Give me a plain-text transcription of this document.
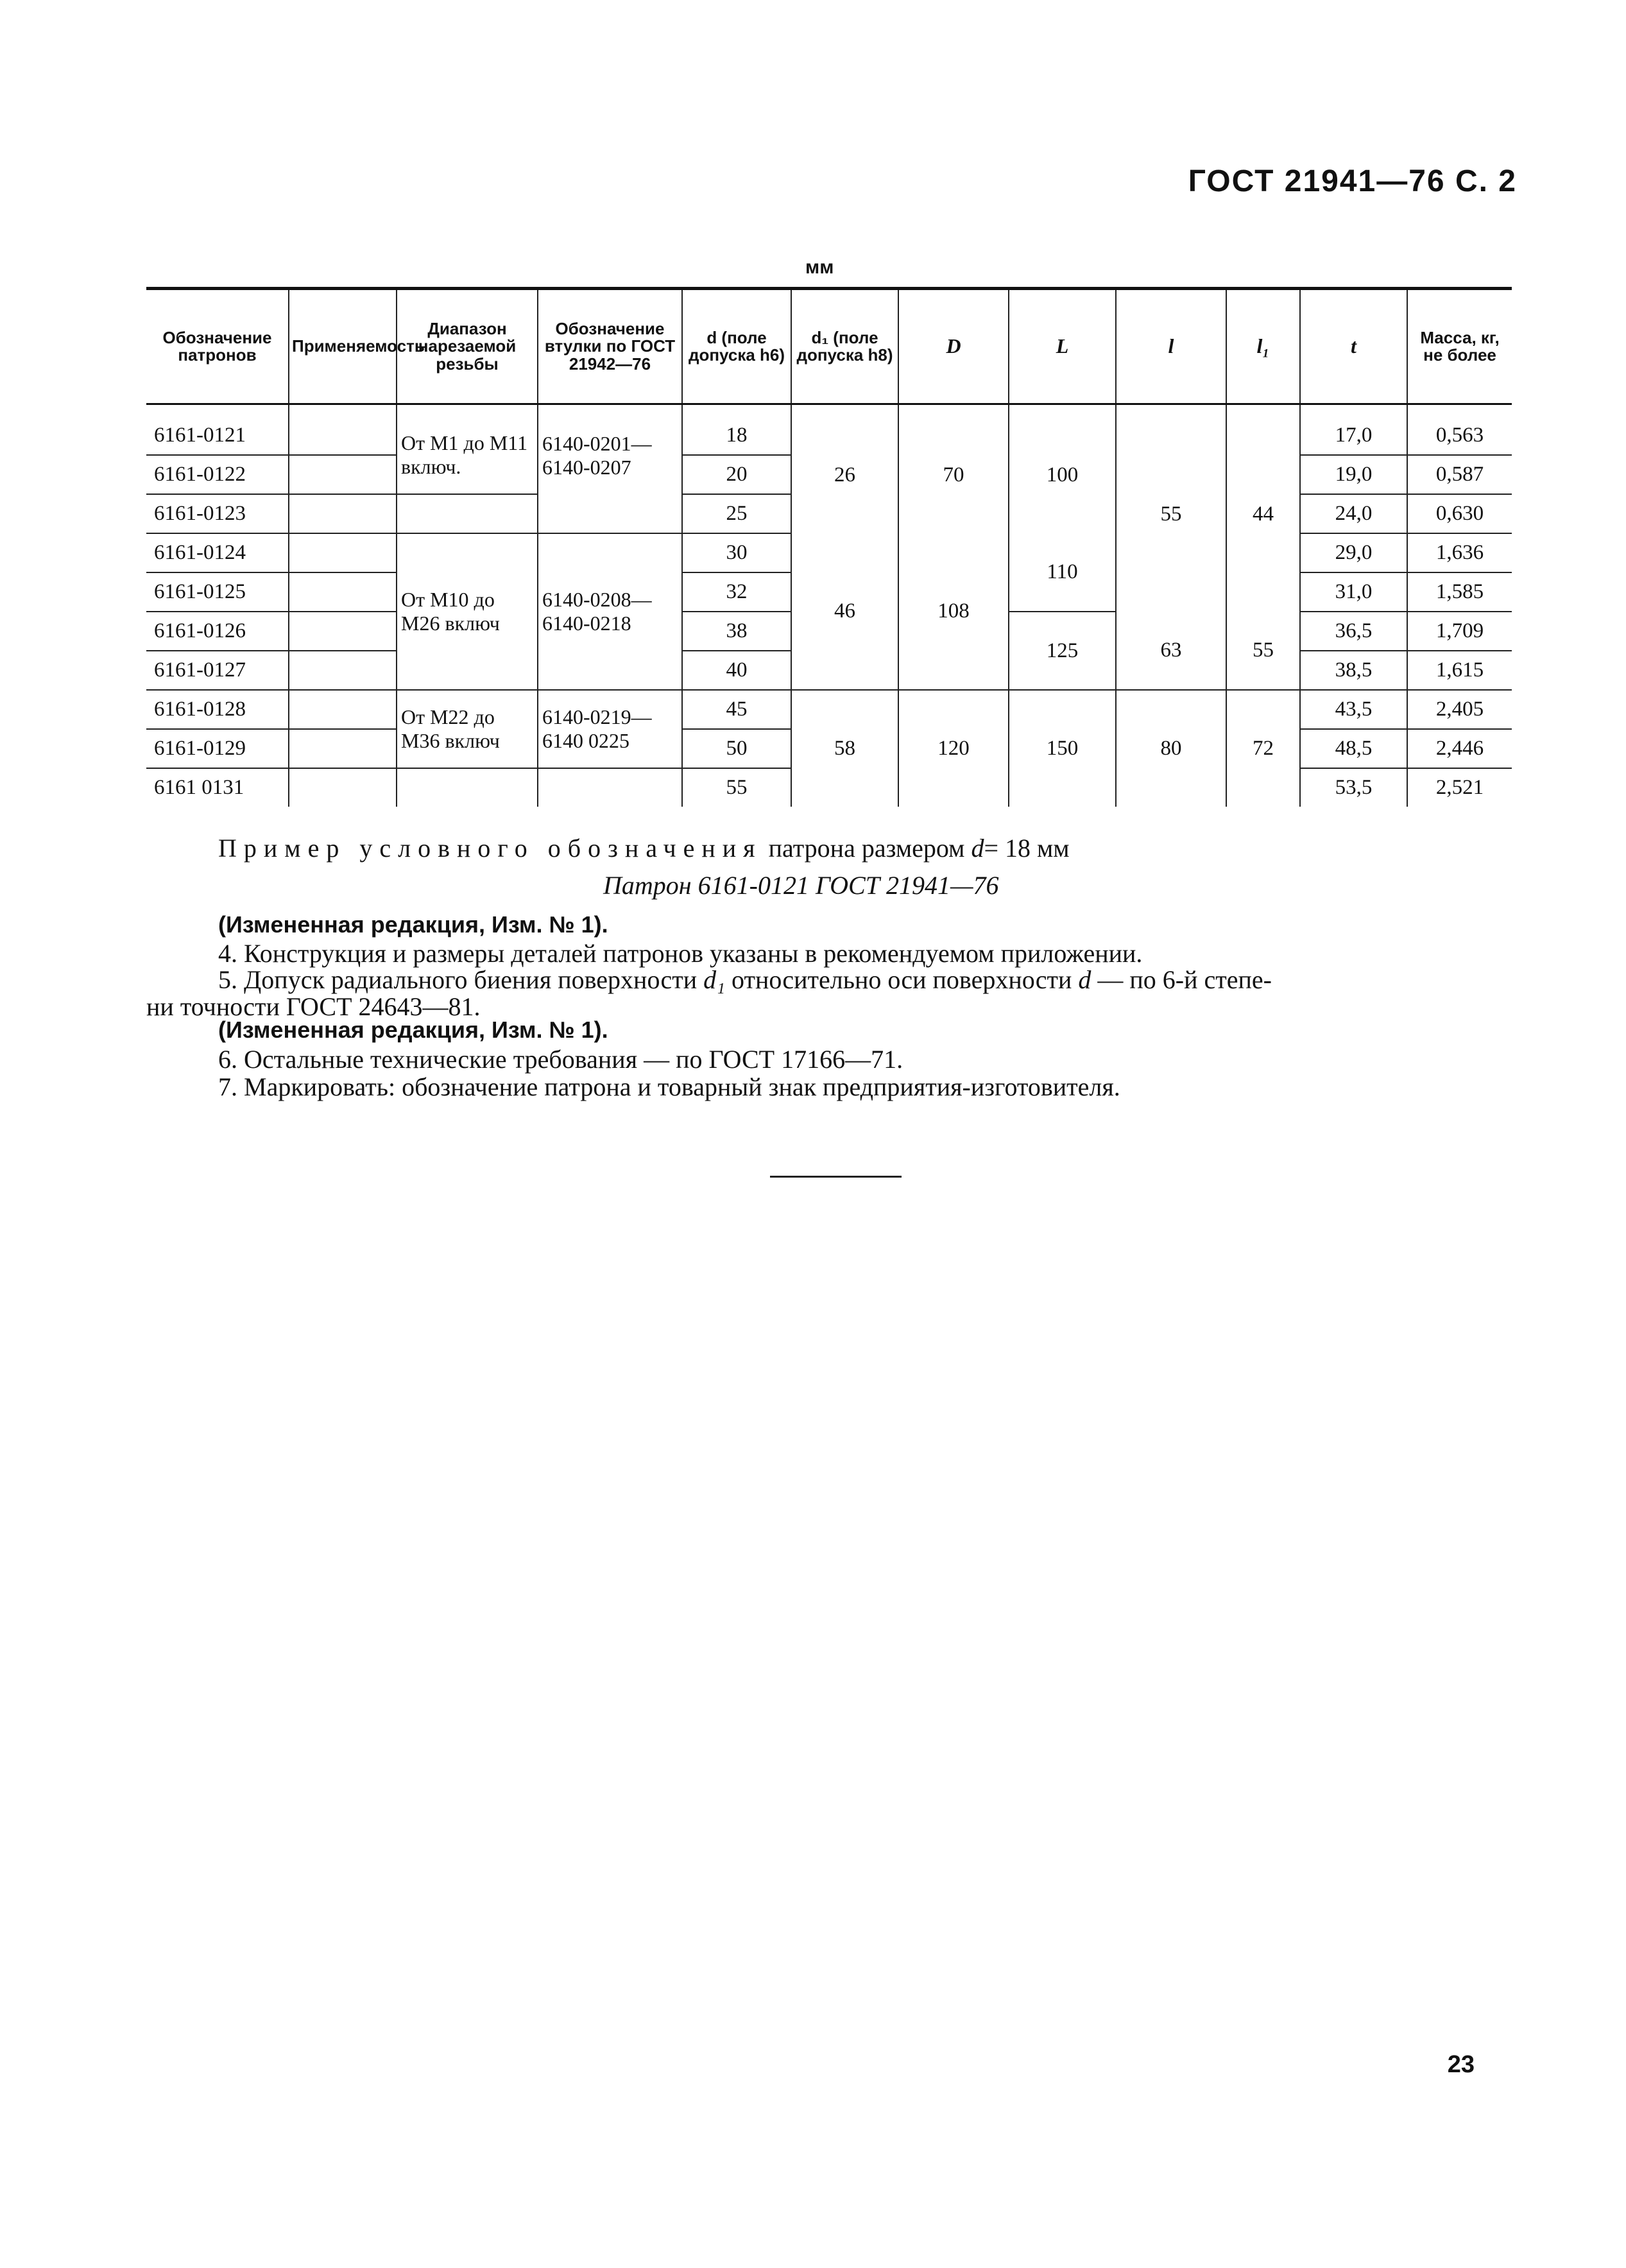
ГОСТ 21941—76 С. 2
мм
Обозначение патронов	Применяемость	Диапазон нарезаемой резьбы	Обозначение втулки по ГОСТ 21942—76	d (поле допуска h6)	d₁ (поле допуска h8)	D	L	l	l₁	t	Масса, кг, не более
6161-0121		От М1 до М11 включ.	6140-0201— 6140-0207	18	26	70	100	55	44	17,0	0,563
6161-0122				20						19,0	0,587
6161-0123				25						24,0	0,630
6161-0124		От М10 до М26 включ	6140-0208— 6140-0218	30	46	108	110			29,0	1,636
6161-0125				32						31,0	1,585
6161-0126				38			125	63	55	36,5	1,709
6161-0127				40						38,5	1,615
6161-0128		От М22 до М36 включ	6140-0219— 6140 0225	45	58	120	150	80	72	43,5	2,405
6161-0129				50						48,5	2,446
6161 0131				55						53,5	2,521
Пример условного обозначения патрона размером d= 18 мм
Патрон 6161-0121 ГОСТ 21941—76
(Измененная редакция, Изм. № 1).
4. Конструкция и размеры деталей патронов указаны в рекомендуемом приложении.
5. Допуск радиального биения поверхности d₁ относительно оси поверхности d — по 6-й степе-
ни точности ГОСТ 24643—81.
(Измененная редакция, Изм. № 1).
6. Остальные технические требования — по ГОСТ 17166—71.
7. Маркировать: обозначение патрона и товарный знак предприятия-изготовителя.
23
